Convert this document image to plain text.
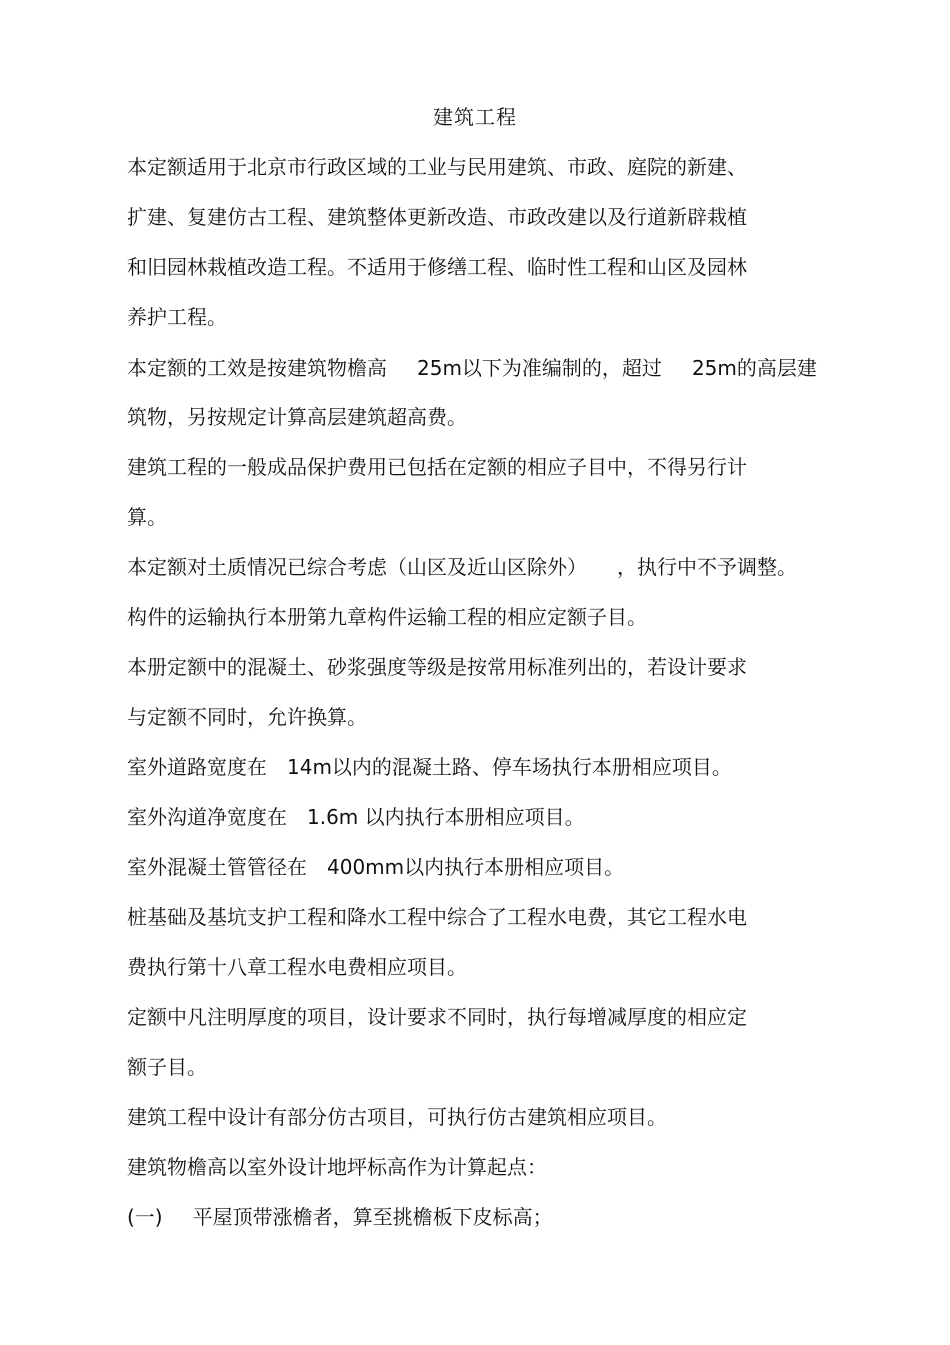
建筑工程
本定额适用于北京市行政区域的工业与民用建筑、市政、庭院的新建、
扩建、复建仿古工程、建筑整体更新改造、市政改建以及行道新辟栽植
和旧园林栽植改造工程。不适用于修缮工程、临时性工程和山区及园林
养护工程。
本定额的工效是按建筑物檐高 25m以下为准编制的，超过 25m的高层建
筑物，另按规定计算高层建筑超高费。
建筑工程的一般成品保护费用已包括在定额的相应子目中，不得另行计
算。
本定额对土质情况已综合考虑（山区及近山区除外） ，执行中不予调整。
构件的运输执行本册第九章构件运输工程的相应定额子目。
本册定额中的混凝土、砂浆强度等级是按常用标准列出的，若设计要求
与定额不同时，允许换算。
室外道路宽度在 14m以内的混凝土路、停车场执行本册相应项目。
室外沟道净宽度在 1.6m 以内执行本册相应项目。
室外混凝土管管径在 400mm以内执行本册相应项目。
桩基础及基坑支护工程和降水工程中综合了工程水电费，其它工程水电
费执行第十八章工程水电费相应项目。
定额中凡注明厚度的项目，设计要求不同时，执行每增减厚度的相应定
额子目。
建筑工程中设计有部分仿古项目，可执行仿古建筑相应项目。
建筑物檐高以室外设计地坪标高作为计算起点：
(一) 平屋顶带涨檐者，算至挑檐板下皮标高；
